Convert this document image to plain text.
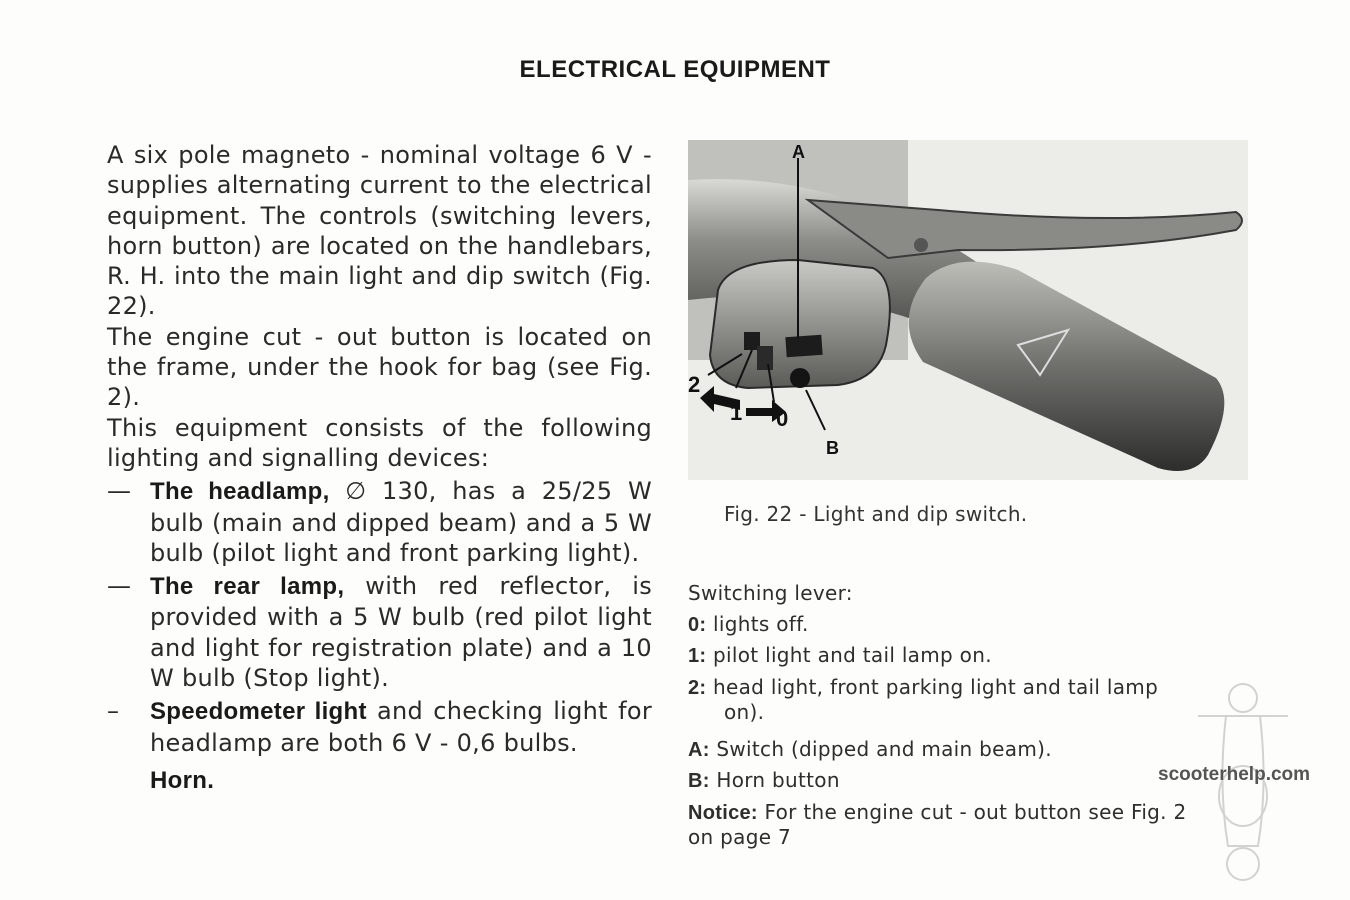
ELECTRICAL EQUIPMENT

A six pole magneto - nominal voltage 6 V - supplies alternating current to the electrical equipment. The controls (switching levers, horn button) are located on the handlebars, R. H. into the main light and dip switch (Fig. 22).

The engine cut - out button is located on the frame, under the hook for bag (see Fig. 2).

This equipment consists of the following lighting and signalling devices:

— The headlamp, ∅ 130, has a 25/25 W bulb (main and dipped beam) and a 5 W bulb (pilot light and front parking light).
— The rear lamp, with red reflector, is provided with a 5 W bulb (red pilot light and light for registration plate) and a 10 W bulb (Stop light).
– Speedometer light and checking light for headlamp are both 6 V - 0,6 bulbs.
Horn.
A
B
2
1 0
Fig. 22 - Light and dip switch.
Switching lever:
0: lights off.
1: pilot light and tail lamp on.
2: head light, front parking light and tail lamp
on).
A: Switch (dipped and main beam).
B: Horn button
Notice: For the engine cut - out button see Fig. 2
on page 7
scooterhelp.com
